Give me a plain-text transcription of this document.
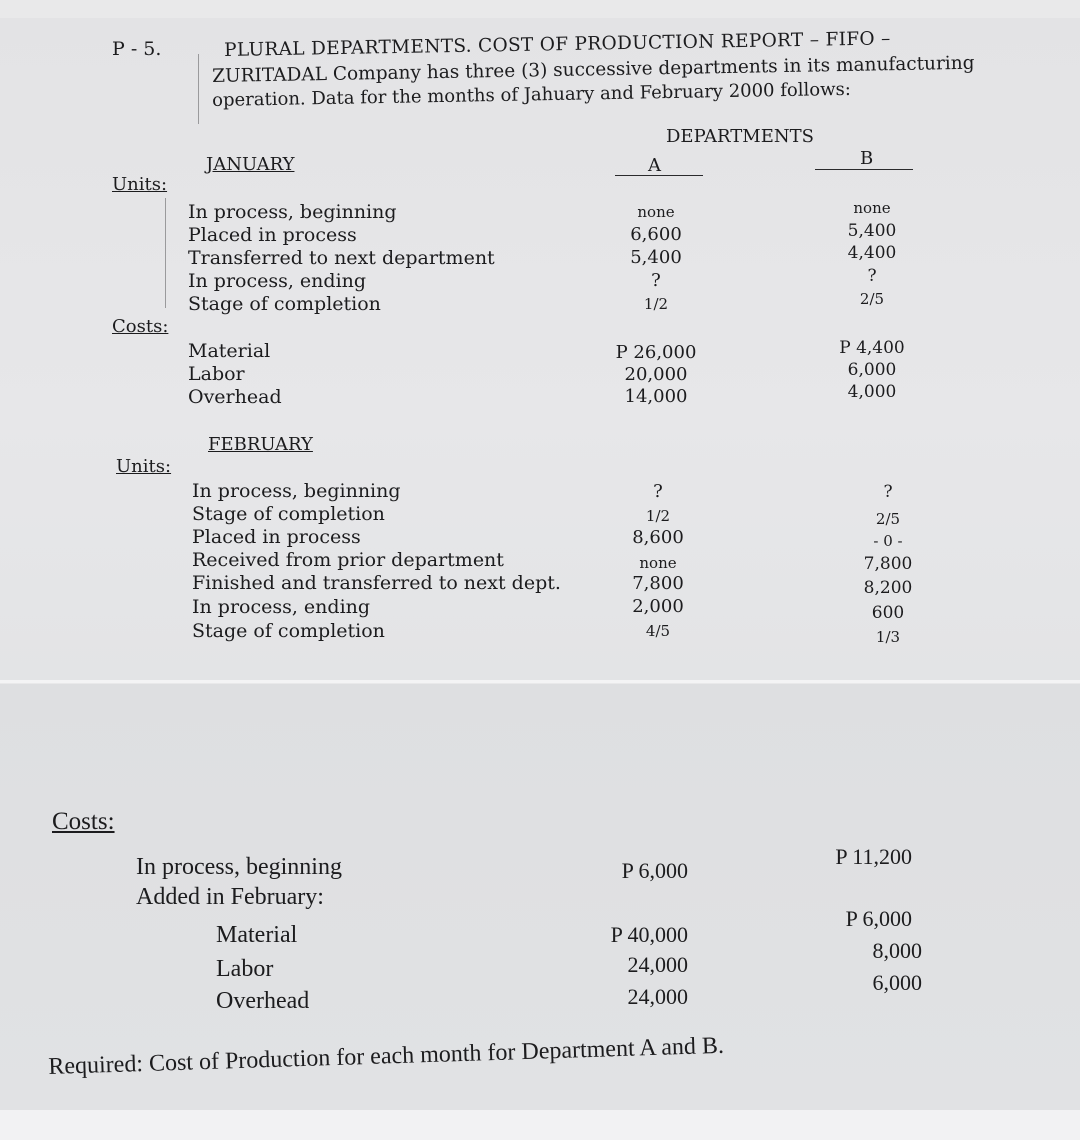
P - 5.	PLURAL DEPARTMENTS. COST OF PRODUCTION REPORT – FIFO –
ZURITADAL Company has three (3) successive departments in its manufacturing
operation. Data for the months of Jahuary and February 2000 follows:
DEPARTMENTS
A	B
JANUARY
Units:
In process, beginning
Placed in process
Transferred to next department
In process, ending
Stage of completion
none
6,600
5,400
?
1/2
none
5,400
4,400
?
2/5
Costs:
Material
Labor
Overhead
P 26,000
20,000
14,000
P 4,400
6,000
4,000
FEBRUARY
Units:
In process, beginning
Stage of completion
Placed in process
Received from prior department
Finished and transferred to next dept.
In process, ending
Stage of completion
?
1/2
8,600
none
7,800
2,000
4/5
?
2/5
- 0 -
7,800
8,200
600
1/3
Costs:
In process, beginning
Added in February:
Material
Labor
Overhead
P 6,000
P 11,200
P 40,000
24,000
24,000
P 6,000
8,000
6,000
Required: Cost of Production for each month for Department A and B.
